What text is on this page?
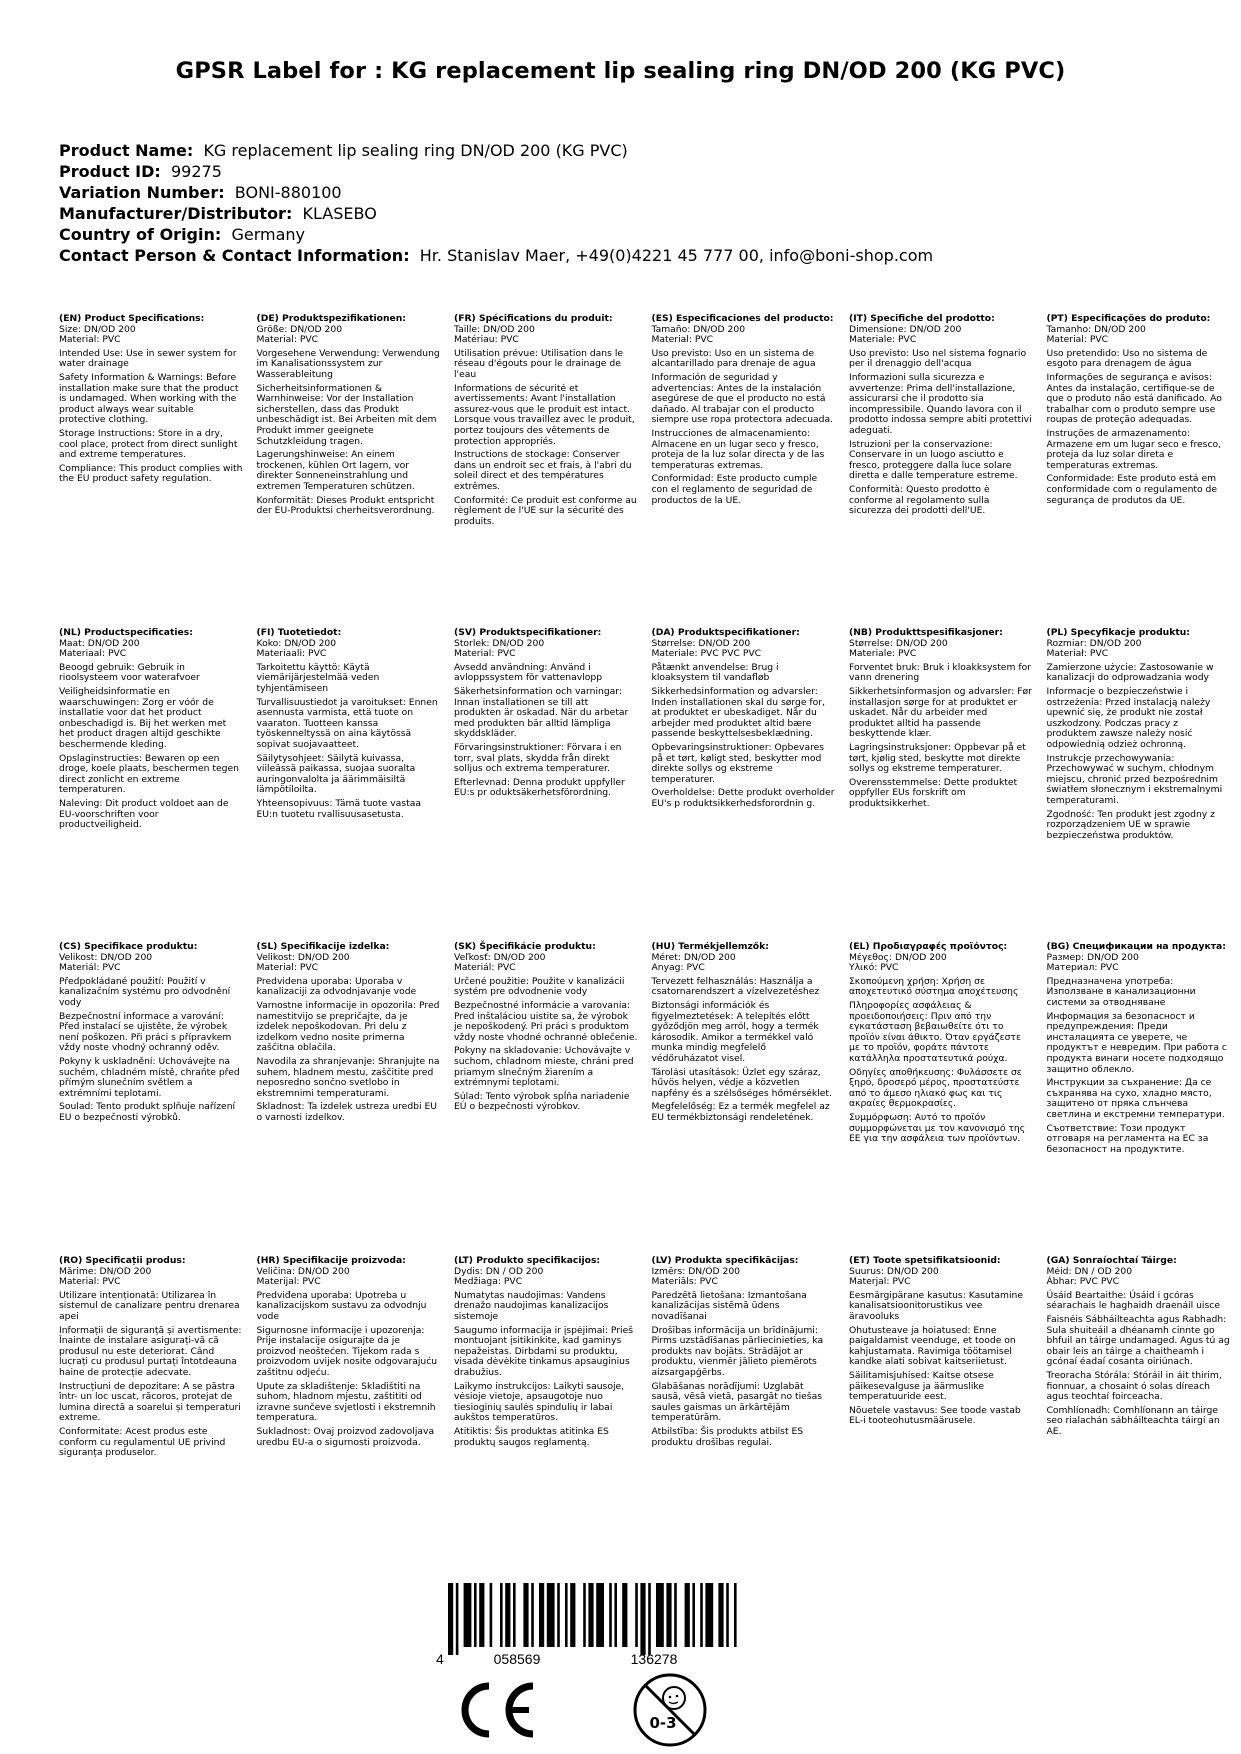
GPSR Label for : KG replacement lip sealing ring DN/OD 200 (KG PVC)
Product Name: KG replacement lip sealing ring DN/OD 200 (KG PVC)
Product ID: 99275
Variation Number: BONI-880100
Manufacturer/Distributor: KLASEBO
Country of Origin: Germany
Contact Person & Contact Information: Hr. Stanislav Maer, +49(0)4221 45 777 00, info@boni-shop.com
(EN) Product Specifications:

Size: DN/OD 200

Material: PVC

Intended Use: Use in sewer system for water drainage

Safety Information & Warnings: Before installation make sure that the product is undamaged. When working with the product always wear suitable protective clothing.

Storage Instructions: Store in a dry, cool place, protect from direct sunlight and extreme temperatures.

Compliance: This product complies with the EU product safety regulation.

(DE) Produktspezifikationen:

Größe: DN/OD 200

Material: PVC

Vorgesehene Verwendung: Verwendung im Kanalisationssystem zur Wasserableitung

Sicherheitsinformationen & Warnhinweise: Vor der Installation sicherstellen, dass das Produkt unbeschädigt ist. Bei Arbeiten mit dem Produkt immer geeignete Schutzkleidung tragen.

Lagerungshinweise: An einem trockenen, kühlen Ort lagern, vor direkter Sonneneinstrahlung und extremen Temperaturen schützen.

Konformität: Dieses Produkt entspricht der EU-Produktsi cherheitsverordnung.

(FR) Spécifications du produit:

Taille: DN/OD 200

Matériau: PVC

Utilisation prévue: Utilisation dans le réseau d'égouts pour le drainage de l'eau

Informations de sécurité et avertissements: Avant l'installation assurez-vous que le produit est intact. Lorsque vous travaillez avec le produit, portez toujours des vêtements de protection appropriés.

Instructions de stockage: Conserver dans un endroit sec et frais, à l'abri du soleil direct et des températures extrêmes.

Conformité: Ce produit est conforme au règlement de l'UE sur la sécurité des produits.

(ES) Especificaciones del producto:

Tamaño: DN/OD 200

Material: PVC

Uso previsto: Uso en un sistema de alcantarillado para drenaje de agua

Información de seguridad y advertencias: Antes de la instalación asegúrese de que el producto no está dañado. Al trabajar con el producto siempre use ropa protectora adecuada.

Instrucciones de almacenamiento: Almacene en un lugar seco y fresco, proteja de la luz solar directa y de las temperaturas extremas.

Conformidad: Este producto cumple con el reglamento de seguridad de productos de la UE.

(IT) Specifiche del prodotto:

Dimensione: DN/OD 200

Materiale: PVC

Uso previsto: Uso nel sistema fognario per il drenaggio dell'acqua

Informazioni sulla sicurezza e avvertenze: Prima dell'installazione, assicurarsi che il prodotto sia incompressibile. Quando lavora con il prodotto indossa sempre abiti protettivi adeguati.

Istruzioni per la conservazione: Conservare in un luogo asciutto e fresco, proteggere dalla luce solare diretta e dalle temperature estreme.

Conformità: Questo prodotto è conforme al regolamento sulla sicurezza dei prodotti dell'UE.

(PT) Especificações do produto:

Tamanho: DN/OD 200

Material: PVC

Uso pretendido: Uso no sistema de esgoto para drenagem de água

Informações de segurança e avisos: Antes da instalação, certifique-se de que o produto não está danificado. Ao trabalhar com o produto sempre use roupas de proteção adequadas.

Instruções de armazenamento: Armazene em um lugar seco e fresco, proteja da luz solar direta e temperaturas extremas.

Conformidade: Este produto está em conformidade com o regulamento de segurança de produtos da UE.

(NL) Productspecificaties:

Maat: DN/OD 200

Materiaal: PVC

Beoogd gebruik: Gebruik in rioolsysteem voor waterafvoer

Veiligheidsinformatie en waarschuwingen: Zorg er vóór de installatie voor dat het product onbeschadigd is. Bij het werken met het product dragen altijd geschikte beschermende kleding.

Opslaginstructies: Bewaren op een droge, koele plaats, beschermen tegen direct zonlicht en extreme temperaturen.

Naleving: Dit product voldoet aan de EU-voorschriften voor productveiligheid.

(FI) Tuotetiedot:

Koko: DN/OD 200

Materiaali: PVC

Tarkoitettu käyttö: Käytä viemärijärjestelmää veden tyhjentämiseen

Turvallisuustiedot ja varoitukset: Ennen asennusta varmista, että tuote on vaaraton. Tuotteen kanssa työskenneltyssä on aina käytössä sopivat suojavaatteet.

Säilytysohjeet: Säilytä kuivassa, viileässä paikassa, suojaa suoralta auringonvalolta ja äärimmäisiltä lämpötiloilta.

Yhteensopivuus: Tämä tuote vastaa EU:n tuotetu rvallisuusasetusta.

(SV) Produktspecifikationer:

Storlek: DN/OD 200

Material: PVC

Avsedd användning: Använd i avloppssystem för vattenavlopp

Säkerhetsinformation och varningar: Innan installationen se till att produkten är oskadad. När du arbetar med produkten bär alltid lämpliga skyddskläder.

Förvaringsinstruktioner: Förvara i en torr, sval plats, skydda från direkt solljus och extrema temperaturer.

Efterlevnad: Denna produkt uppfyller EU:s pr oduktsäkerhetsförordning.

(DA) Produktspecifikationer:

Størrelse: DN/OD 200

Materiale: PVC PVC PVC

Påtænkt anvendelse: Brug i kloaksystem til vandafløb

Sikkerhedsinformation og advarsler: Inden installationen skal du sørge for, at produktet er ubeskadiget. Når du arbejder med produktet altid bære passende beskyttelsesbeklædning.

Opbevaringsinstruktioner: Opbevares på et tørt, køligt sted, beskytter mod direkte sollys og ekstreme temperaturer.

Overholdelse: Dette produkt overholder EU's p roduktsikkerhedsforordnin g.

(NB) Produkttspesifikasjoner:

Størrelse: DN/OD 200

Materiale: PVC

Forventet bruk: Bruk i kloakksystem for vann drenering

Sikkerhetsinformasjon og advarsler: Før installasjon sørge for at produktet er uskadet. Når du arbeider med produktet alltid ha passende beskyttende klær.

Lagringsinstruksjoner: Oppbevar på et tørt, kjølig sted, beskytte mot direkte sollys og ekstreme temperaturer.

Overensstemmelse: Dette produktet oppfyller EUs forskrift om produktsikkerhet.

(PL) Specyfikacje produktu:

Rozmiar: DN/OD 200

Materiał: PVC

Zamierzone użycie: Zastosowanie w kanalizacji do odprowadzania wody

Informacje o bezpieczeństwie i ostrzeżenia: Przed instalacją należy upewnić się, że produkt nie został uszkodzony. Podczas pracy z produktem zawsze należy nosić odpowiednią odzież ochronną.

Instrukcje przechowywania: Przechowywać w suchym, chłodnym miejscu, chronić przed bezpośrednim światłem słonecznym i ekstremalnymi temperaturami.

Zgodność: Ten produkt jest zgodny z rozporządzeniem UE w sprawie bezpieczeństwa produktów.

(CS) Specifikace produktu:

Velikost: DN/OD 200

Materiál: PVC

Předpokládané použití: Použití v kanalizačním systému pro odvodnění vody

Bezpečnostní informace a varování: Před instalací se ujistěte, že výrobek není poškozen. Při práci s přípravkem vždy noste vhodný ochranný oděv.

Pokyny k uskladnění: Uchovávejte na suchém, chladném místě, chraňte před přímým slunečním světlem a extrémními teplotami.

Soulad: Tento produkt splňuje nařízení EU o bezpečnosti výrobků.

(SL) Specifikacije izdelka:

Velikost: DN/OD 200

Material: PVC

Predvidena uporaba: Uporaba v kanalizaciji za odvodnjavanje vode

Varnostne informacije in opozorila: Pred namestitvijo se prepričajte, da je izdelek nepoškodovan. Pri delu z izdelkom vedno nosite primerna zaščitna oblačila.

Navodila za shranjevanje: Shranjujte na suhem, hladnem mestu, zaščitite pred neposredno sončno svetlobo in ekstremnimi temperaturami.

Skladnost: Ta izdelek ustreza uredbi EU o varnosti izdelkov.

(SK) Špecifikácie produktu:

Veľkosť: DN/OD 200

Materiál: PVC

Určené použitie: Použite v kanalizácii systém pre odvodnenie vody

Bezpečnostné informácie a varovania: Pred inštaláciou uistite sa, že výrobok je nepoškodený. Pri práci s produktom vždy noste vhodné ochranné oblečenie.

Pokyny na skladovanie: Uchovávajte v suchom, chladnom mieste, chráni pred priamym slnečným žiarením a extrémnymi teplotami.

Súlad: Tento výrobok spĺňa nariadenie EÚ o bezpečnosti výrobkov.

(HU) Termékjellemzők:

Méret: DN/OD 200

Anyag: PVC

Tervezett felhasználás: Használja a csatornarendszert a vízelvezetéshez

Biztonsági információk és figyelmeztetések: A telepítés előtt győződjön meg arról, hogy a termék károsodik. Amikor a termékkel való munka mindig megfelelő védőruházatot visel.

Tárolási utasítások: Üzlet egy száraz, hűvös helyen, védje a közvetlen napfény és a szélsőséges hőmérséklet.

Megfelelőség: Ez a termék megfelel az EU termékbiztonsági rendeletének.

(EL) Προδιαγραφές προϊόντος:

Μέγεθος: DN/OD 200

Υλικό: PVC

Σκοπούμενη χρήση: Χρήση σε αποχετευτικό σύστημα αποχέτευσης

Πληροφορίες ασφάλειας & προειδοποιήσεις: Πριν από την εγκατάσταση βεβαιωθείτε ότι το προϊόν είναι άθικτο. Όταν εργάζεστε με το προϊόν, φοράτε πάντοτε κατάλληλα προστατευτικά ρούχα.

Οδηγίες αποθήκευσης: Φυλάσσετε σε ξηρό, δροσερό μέρος, προστατεύστε από το άμεσο ηλιακό φως και τις ακραίες θερμοκρασίες.

Συμμόρφωση: Αυτό το προϊόν συμμορφώνεται με τον κανονισμό της ΕΕ για την ασφάλεια των προϊόντων.

(BG) Спецификации на продукта:

Размер: DN/OD 200

Материал: PVC

Предназначена употреба: Използване в канализационни системи за отводняване

Информация за безопасност и предупреждения: Преди инсталацията се уверете, че продуктът е невредим. При работа с продукта винаги носете подходящо защитно облекло.

Инструкции за съхранение: Да се съхранява на сухо, хладно място, защитено от пряка слънчева светлина и екстремни температури.

Съответствие: Този продукт отговаря на регламента на ЕС за безопасност на продуктите.

(RO) Specificații produs:

Mărime: DN/OD 200

Material: PVC

Utilizare intenționată: Utilizarea în sistemul de canalizare pentru drenarea apei

Informații de siguranță și avertismente: Înainte de instalare asigurați-vă că produsul nu este deteriorat. Când lucrați cu produsul purtați întotdeauna haine de protecție adecvate.

Instrucțiuni de depozitare: A se păstra într- un loc uscat, răcoros, protejat de lumina directă a soarelui și temperaturi extreme.

Conformitate: Acest produs este conform cu regulamentul UE privind siguranța produselor.

(HR) Specifikacije proizvoda:

Veličina: DN/OD 200

Materijal: PVC

Predviđena uporaba: Upotreba u kanalizacijskom sustavu za odvodnju vode

Sigurnosne informacije i upozorenja: Prije instalacije osigurajte da je proizvod neoštećen. Tijekom rada s proizvodom uvijek nosite odgovarajuću zaštitnu odjeću.

Upute za skladištenje: Skladištiti na suhom, hladnom mjestu, zaštititi od izravne sunčeve svjetlosti i ekstremnih temperatura.

Sukladnost: Ovaj proizvod zadovoljava uredbu EU-a o sigurnosti proizvoda.

(LT) Produkto specifikacijos:

Dydis: DN / OD 200

Medžiaga: PVC

Numatytas naudojimas: Vandens drenažo naudojimas kanalizacijos sistemoje

Saugumo informacija ir įspėjimai: Prieš montuojant įsitikinkite, kad gaminys nepažeistas. Dirbdami su produktu, visada dėvėkite tinkamus apsauginius drabužius.

Laikymo instrukcijos: Laikyti sausoje, vėsioje vietoje, apsaugotoje nuo tiesioginių saulės spindulių ir labai aukštos temperatūros.

Atitiktis: Šis produktas atitinka ES produktų saugos reglamentą.

(LV) Produkta specifikācijas:

Izmērs: DN/OD 200

Materiāls: PVC

Paredzētā lietošana: Izmantošana kanalizācijas sistēmā ūdens novadīšanai

Drošības informācija un brīdinājumi: Pirms uzstādīšanas pārliecinieties, ka produkts nav bojāts. Strādājot ar produktu, vienmēr jālieto piemērots aizsargapģērbs.

Glabāšanas norādījumi: Uzglabāt sausā, vēsā vietā, pasargāt no tiešas saules gaismas un ārkārtējām temperatūrām.

Atbilstība: Šis produkts atbilst ES produktu drošības regulai.

(ET) Toote spetsifikatsioonid:

Suurus: DN/OD 200

Materjal: PVC

Eesmärgipärane kasutus: Kasutamine kanalisatsioonitorustikus vee äravooluks

Ohutusteave ja hoiatused: Enne paigaldamist veenduge, et toode on kahjustamata. Ravimiga töötamisel kandke alati sobivat kaitseriietust.

Säilitamisjuhised: Kaitse otsese päikesevalguse ja äärmuslike temperatuuride eest.

Nõuetele vastavus: See toode vastab EL-i tooteohutusmäärusele.

(GA) Sonraíochtaí Táirge:

Méid: DN / OD 200

Ábhar: PVC PVC

Úsáid Beartaithe: Úsáid i gcóras séarachais le haghaidh draenáil uisce

Faisnéis Sábháilteachta agus Rabhadh: Sula shuiteáil a dhéanamh cinnte go bhfuil an táirge undamaged. Agus tú ag obair leis an táirge a chaitheamh i gcónaí éadaí cosanta oiriúnach.

Treoracha Stórála: Stóráil in áit thirim, fionnuar, a chosaint ó solas díreach agus teochtaí foirceacha.

Comhlíonadh: Comhlíonann an táirge seo rialachán sábháilteachta táirgí an AE.

4	058569	136278
0-3
